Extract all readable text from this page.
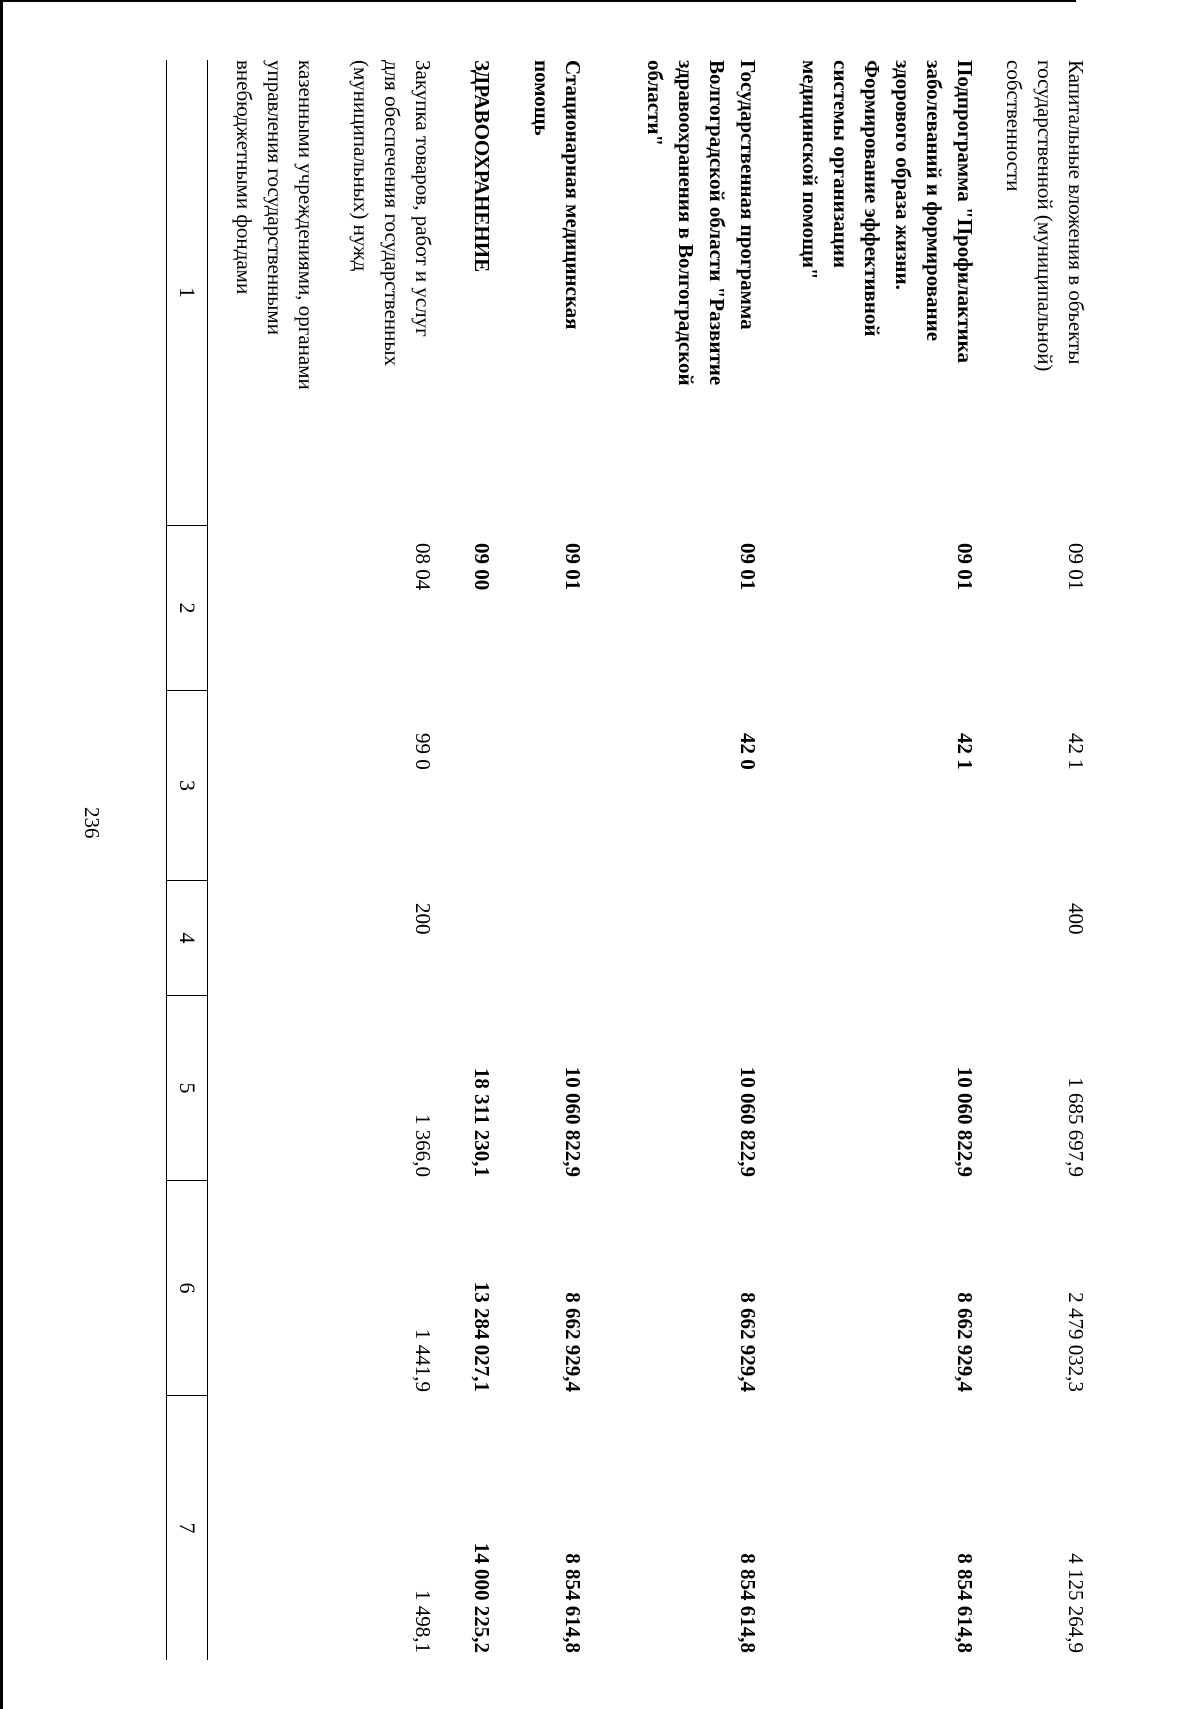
236
1
2
3
4
5
6
7
казенными учреждениями, органами
управления государственными
внебюджетными фондами
Закупка товаров, работ и услуг
для обеспечения государственных
(муниципальных) нужд
08 04
99 0
200
1 366,0
1 441,9
1 498,1
ЗДРАВООХРАНЕНИЕ
09 00
18 311 230,1
13 284 027,1
14 000 225,2
Стационарная медицинская
помощь
09 01
10 060 822,9
8 662 929,4
8 854 614,8
Государственная программа
Волгоградской области "Развитие
здравоохранения в Волгоградской
области"
09 01
42 0
10 060 822,9
8 662 929,4
8 854 614,8
Подпрограмма "Профилактика
заболеваний и формирование
здорового образа жизни.
Формирование эффективной
системы организации
медицинской помощи"
09 01
42 1
10 060 822,9
8 662 929,4
8 854 614,8
Капитальные вложения в объекты
государственной (муниципальной)
собственности
09 01
42 1
400
1 685 697,9
2 479 032,3
4 125 264,9
